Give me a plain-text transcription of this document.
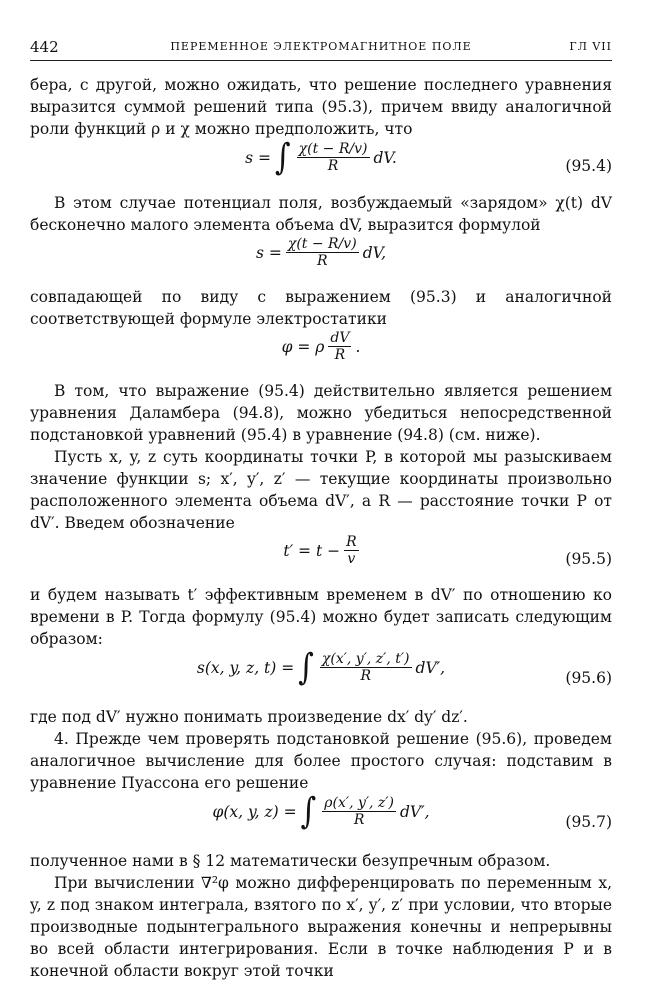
442	ПЕРЕМЕННОЕ ЭЛЕКТРОМАГНИТНОЕ ПОЛЕ	ГЛ VII

бера, с другой, можно ожидать, что решение последнего уравнения выразится суммой решений типа (95.3), причем ввиду аналогичной роли функций ρ и χ можно предположить, что

s = ∫ $\frac{\chi(t - R/v)}{R}$ dV.	(95.4)

В этом случае потенциал поля, возбуждаемый «зарядом» χ(t) dV бесконечно малого элемента объема dV, выразится формулой

$s = \frac{\chi(t - R/v)}{R}$ dV,

совпадающей по виду с выражением (95.3) и аналогичной соответствующей формуле электростатики

φ = ρ $\frac{dV}{R}$ .

В том, что выражение (95.4) действительно является решением уравнения Даламбера (94.8), можно убедиться непосредственной подстановкой уравнений (95.4) в уравнение (94.8) (см. ниже).

Пусть x, y, z суть координаты точки P, в которой мы разыскиваем значение функции s; x′, y′, z′ — текущие координаты произвольно расположенного элемента объема dV′, а R — расстояние точки P от dV′. Введем обозначение

$t' = t - \frac{R}{v}$	(95.5)

и будем называть t′ эффективным временем в dV′ по отношению ко времени в P. Тогда формулу (95.4) можно будет записать следующим образом:

s(x, y, z, t) = ∫ $\frac{\chi(x', y', z', t')}{R} dV'$,
(95.6)

где под dV′ нужно понимать произведение dx′ dy′ dz′.

4. Прежде чем проверять подстановкой решение (95.6), проведем аналогичное вычисление для более простого случая: подставим в уравнение Пуассона его решение

φ(x, y, z) = ∫ $\frac{\rho(x', y', z')}{R} dV'$,
(95.7)

полученное нами в § 12 математически безупречным образом.

При вычислении ∇²φ можно дифференцировать по переменным x, y, z под знаком интеграла, взятого по x′, y′, z′ при условии, что вторые производные подынтегрального выражения конечны и непрерывны во всей области интегрирования. Если в точке наблюдения P и в конечной области вокруг этой точки
